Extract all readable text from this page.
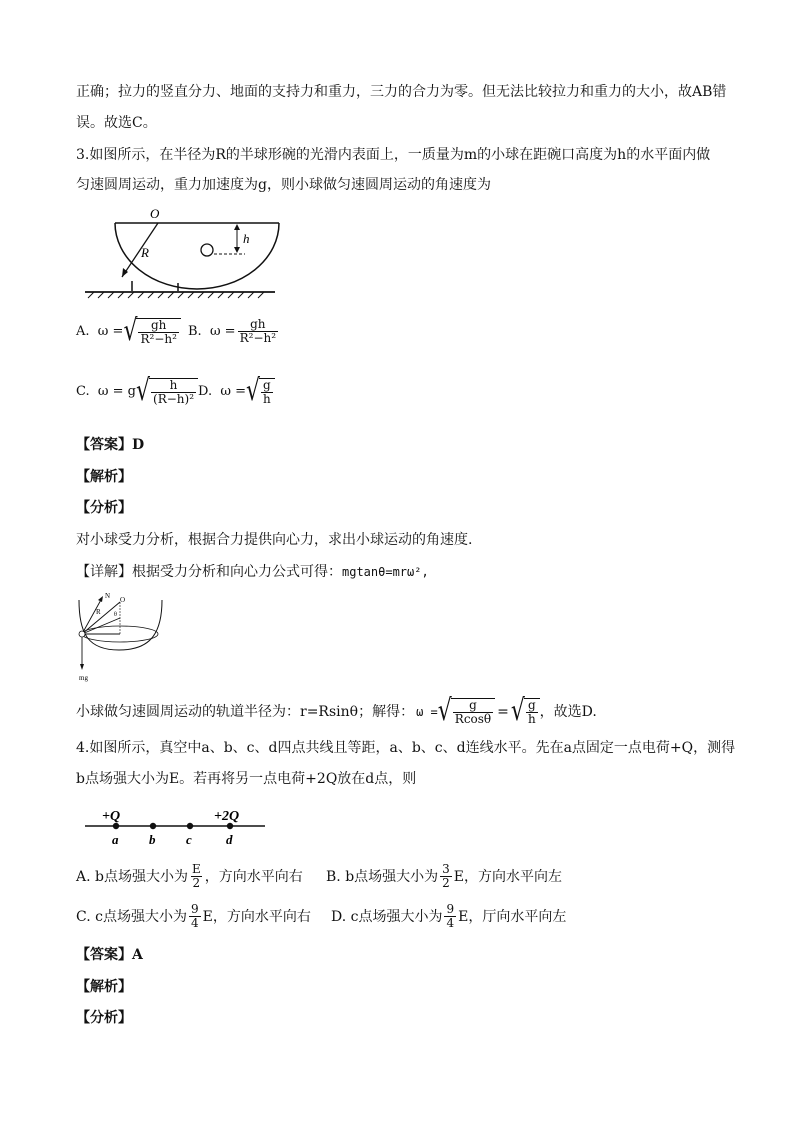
正确；拉力的竖直分力、地面的支持力和重力，三力的合力为零。但无法比较拉力和重力的大小，故AB错
误。故选C。
3.如图所示，在半径为R的半球形碗的光滑内表面上，一质量为m的小球在距碗口高度为h的水平面内做
匀速圆周运动，重力加速度为g，则小球做匀速圆周运动的角速度为
O
R
h
A.
ω = √ $\frac{gh}{\text{R²−h²}} B$.
$\omega = \frac{gh}{\text{R²−h²}}$
C.
ω = g √ $\frac{h}{\text{(R−h)²}} D$.
ω = √ $\frac{g}{h}$
【答案】D
【解析】
【分析】
对小球受力分析，根据合力提供向心力，求出小球运动的角速度.
【详解】根据受力分析和向心力公式可得：mgtanθ=mrω²,
N
R
O
θ
mg
小球做匀速圆周运动的轨道半径为：r=Rsinθ；解得： ω = √ $\frac{g}{Rcos\theta}$ = √ $\frac{g}{h}$ ，故选D.
4.如图所示，真空中a、b、c、d四点共线且等距，a、b、c、d连线水平。先在a点固定一点电荷+Q，测得
b点场强大小为E。若再将另一点电荷+2Q放在d点，则
+Q	+2Q
a b c	d
A. b点场强大小为 $\frac{E}{2}$ ，方向水平向右 B. b点场强大小为 $\frac{3}{2}$ E，方向水平向左
C. c点场强大小为 $\frac{9}{4}$ E，方向水平向右 D. c点场强大小为 $\frac{9}{4}$ E，厅向水平向左
【答案】A
【解析】
【分析】
